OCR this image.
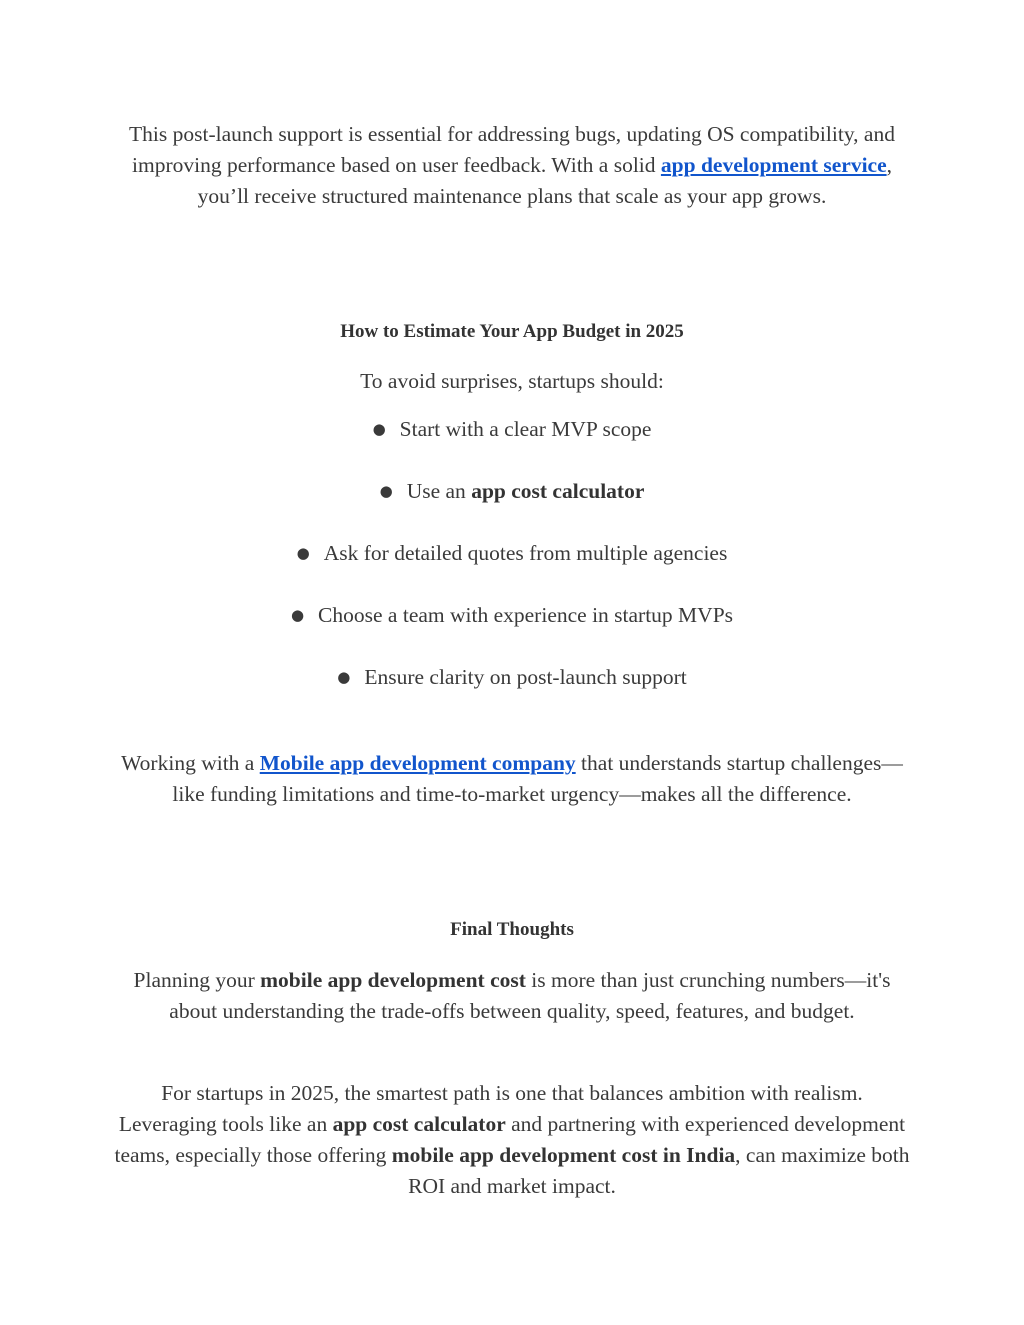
This post-launch support is essential for addressing bugs, updating OS compatibility, and improving performance based on user feedback. With a solid app development service, you’ll receive structured maintenance plans that scale as your app grows.

How to Estimate Your App Budget in 2025

To avoid surprises, startups should:

● Start with a clear MVP scope
● Use an app cost calculator
● Ask for detailed quotes from multiple agencies
● Choose a team with experience in startup MVPs
● Ensure clarity on post-launch support

Working with a Mobile app development company that understands startup challenges—like funding limitations and time-to-market urgency—makes all the difference.

Final Thoughts

Planning your mobile app development cost is more than just crunching numbers—it's about understanding the trade-offs between quality, speed, features, and budget.

For startups in 2025, the smartest path is one that balances ambition with realism. Leveraging tools like an app cost calculator and partnering with experienced development teams, especially those offering mobile app development cost in India, can maximize both ROI and market impact.
